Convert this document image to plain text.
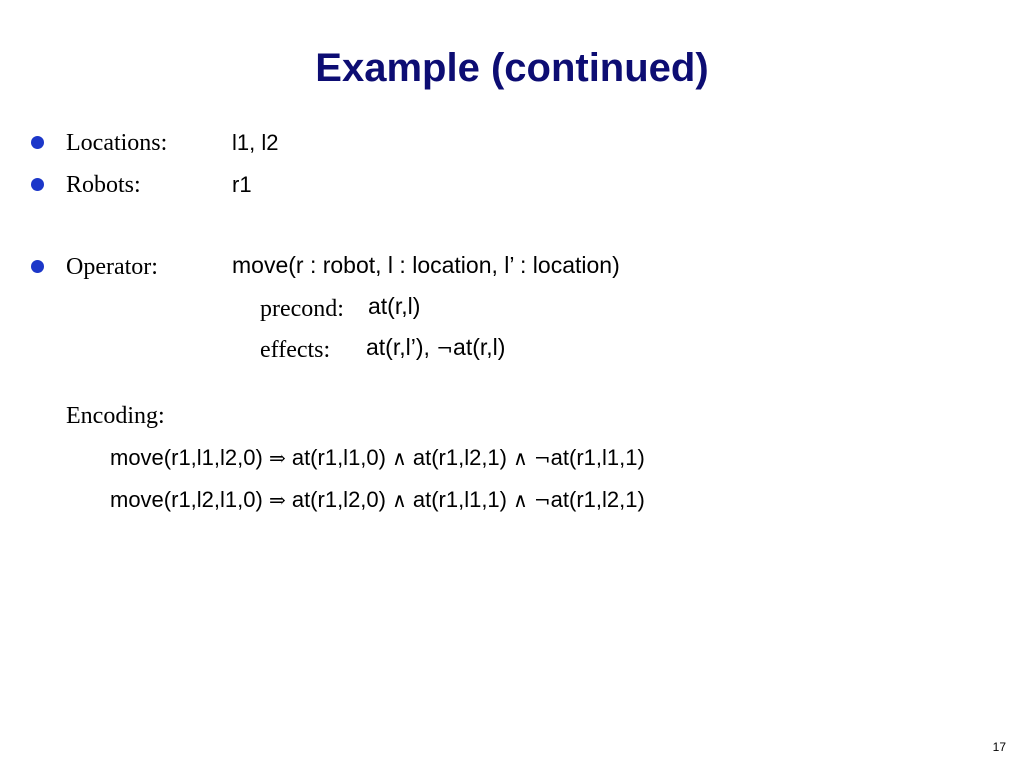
Example (continued)
Locations:	l1, l2
Robots:	r1
Operator:	move(r : robot, l : location, l’ : location)
precond: at(r,l)
effects: at(r,l’), ¬at(r,l)
Encoding:
move(r1,l1,l2,0) ⇒ at(r1,l1,0) ∧ at(r1,l2,1) ∧ ¬at(r1,l1,1)
move(r1,l2,l1,0) ⇒ at(r1,l2,0) ∧ at(r1,l1,1) ∧ ¬at(r1,l2,1)
17
